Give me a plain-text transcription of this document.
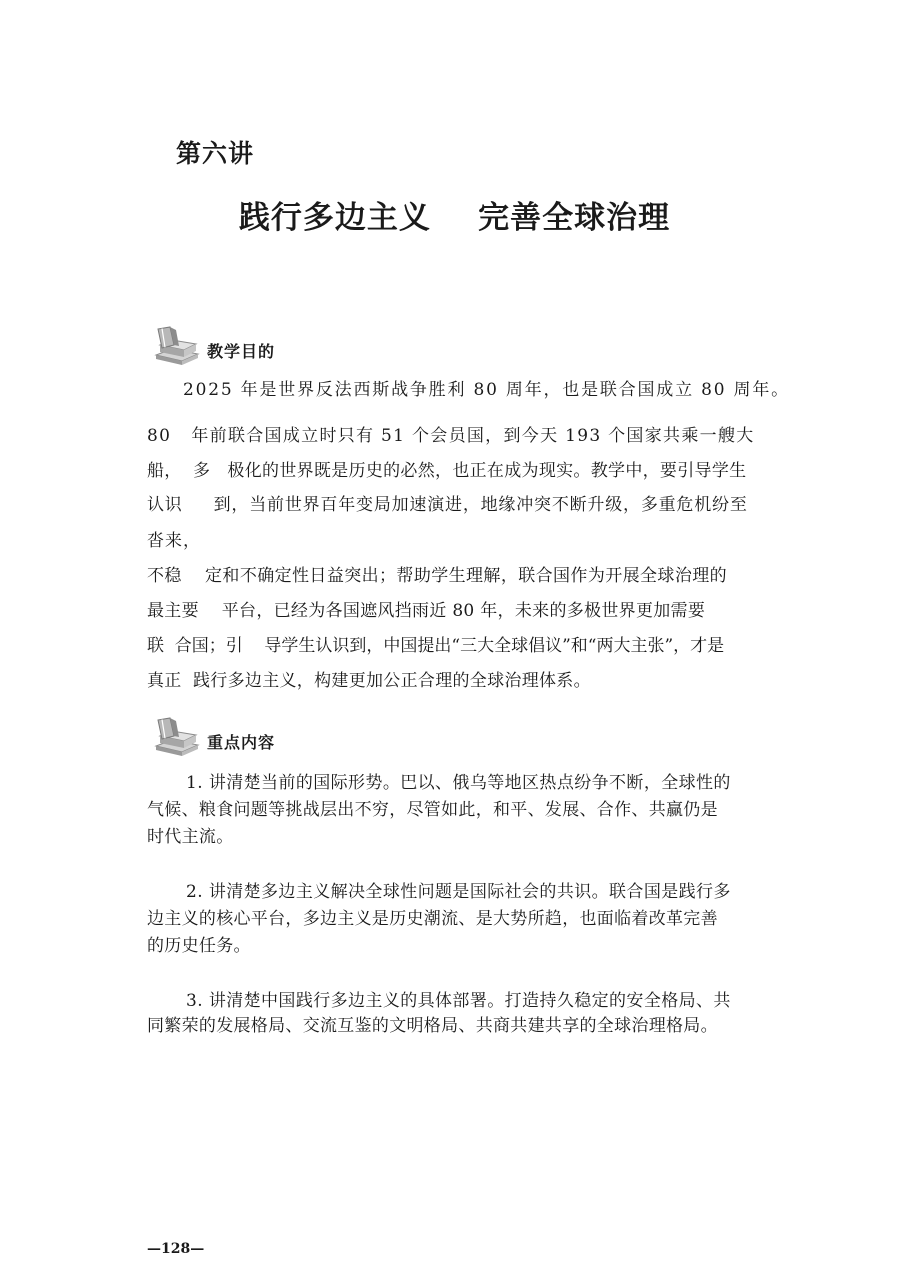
第六讲
践行多边主义    完善全球治理
教学目的
2025 年是世界反法西斯战争胜利 80 周年，也是联合国成立 80 周年。
80   年前联合国成立时只有 51 个会员国，到今天 193 个国家共乘一艘大
船，  多   极化的世界既是历史的必然，也正在成为现实。教学中，要引导学生
认识     到，当前世界百年变局加速演进，地缘冲突不断升级，多重危机纷至
沓来，
不稳    定和不确定性日益突出；帮助学生理解，联合国作为开展全球治理的
最主要    平台，已经为各国遮风挡雨近 80 年，未来的多极世界更加需要
联  合国；引    导学生认识到，中国提出“三大全球倡议”和“两大主张”，才是
真正  践行多边主义，构建更加公正合理的全球治理体系。
重点内容
1. 讲清楚当前的国际形势。巴以、俄乌等地区热点纷争不断，全球性的
气候、粮食问题等挑战层出不穷，尽管如此，和平、发展、合作、共赢仍是
时代主流。
2. 讲清楚多边主义解决全球性问题是国际社会的共识。联合国是践行多
边主义的核心平台，多边主义是历史潮流、是大势所趋，也面临着改革完善
的历史任务。
3. 讲清楚中国践行多边主义的具体部署。打造持久稳定的安全格局、共
同繁荣的发展格局、交流互鉴的文明格局、共商共建共享的全球治理格局。
—128—
